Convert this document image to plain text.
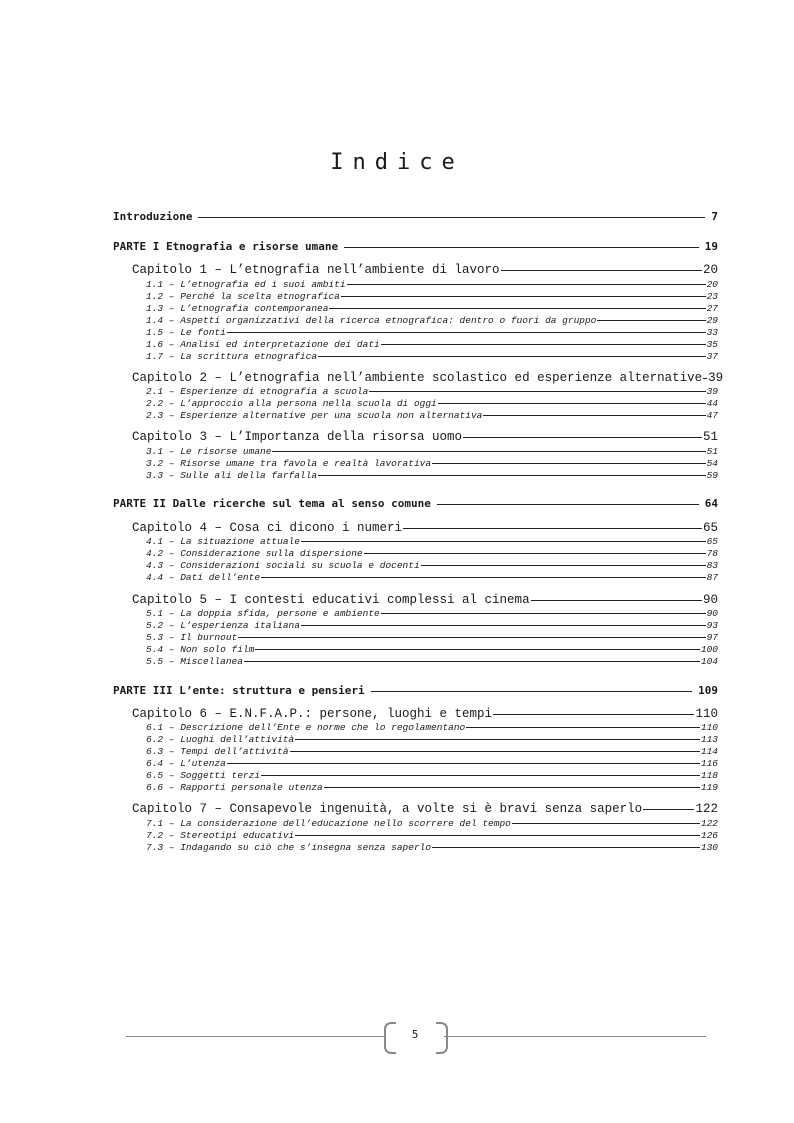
Indice
Introduzione	7
PARTE I Etnografia e risorse umane	19
Capitolo 1 – L’etnografia nell’ambiente di lavoro	20
1.1 – L’etnografia ed i suoi ambiti	20
1.2 – Perché la scelta etnografica	23
1.3 – L’etnografia contemporanea	27
1.4 – Aspetti organizzativi della ricerca etnografica: dentro o fuori da gruppo	29
1.5 – Le fonti	33
1.6 – Analisi ed interpretazione dei dati	35
1.7 – La scrittura etnografica	37
Capitolo 2 – L’etnografia nell’ambiente scolastico ed esperienze alternative 39
2.1 – Esperienze di etnografia a scuola	39
2.2 – L’approccio alla persona nella scuola di oggi	44
2.3 – Esperienze alternative per una scuola non alternativa	47
Capitolo 3 – L’Importanza della risorsa uomo	51
3.1 – Le risorse umane	51
3.2 – Risorse umane tra favola e realtà lavorativa	54
3.3 – Sulle ali della farfalla	59
PARTE II Dalle ricerche sul tema al senso comune	64
Capitolo 4 – Cosa ci dicono i numeri	65
4.1 – La situazione attuale	65
4.2 – Considerazione sulla dispersione	78
4.3 – Considerazioni sociali su scuola e docenti	83
4.4 – Dati dell’ente	87
Capitolo 5 – I contesti educativi complessi al cinema	90
5.1 – La doppia sfida, persone e ambiente	90
5.2 – L’esperienza italiana	93
5.3 – Il burnout	97
5.4 – Non solo film	100
5.5 – Miscellanea	104
PARTE III L’ente: struttura e pensieri	109
Capitolo 6 – E.N.F.A.P.: persone, luoghi e tempi	110
6.1 – Descrizione dell’Ente e norme che lo regolamentano	110
6.2 – Luoghi dell’attività	113
6.3 – Tempi dell’attività	114
6.4 – L’utenza	116
6.5 – Soggetti terzi	118
6.6 – Rapporti personale utenza	119
Capitolo 7 – Consapevole ingenuità, a volte si è bravi senza saperlo	122
7.1 – La considerazione dell’educazione nello scorrere del tempo	122
7.2 – Stereotipi educativi	126
7.3 – Indagando su ciò che s’insegna senza saperlo	130
5
